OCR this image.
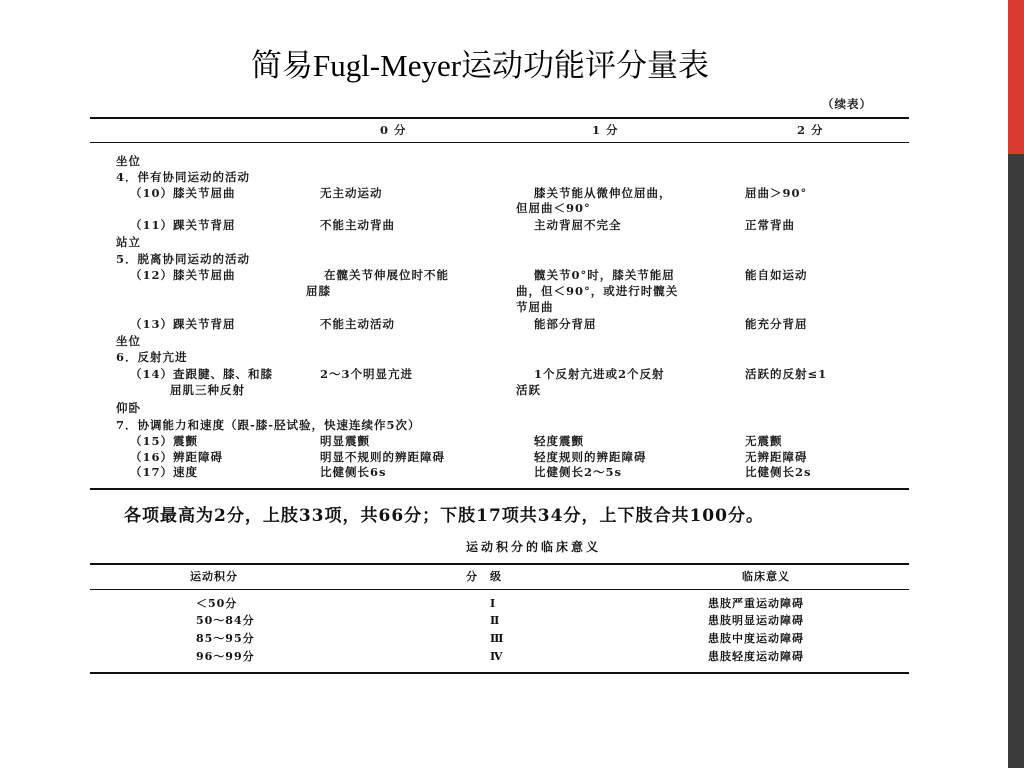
简易Fugl-Meyer运动功能评分量表
（续表）
0 分	1 分	2 分
坐位
4．伴有协同运动的活动
（10）膝关节屈曲	无主动运动	膝关节能从微伸位屈曲，	屈曲＞90°
但屈曲＜90°
（11）踝关节背屈	不能主动背曲	主动背屈不完全	正常背曲
站立
5．脱离协同运动的活动
（12）膝关节屈曲	在髋关节伸展位时不能	髋关节0°时，膝关节能屈	能自如运动
屈膝	曲，但＜90°，或进行时髋关
节屈曲
（13）踝关节背屈	不能主动活动	能部分背屈	能充分背屈
坐位
6．反射亢进
（14）查跟腱、膝、和膝	2～3个明显亢进	1个反射亢进或2个反射	活跃的反射≤1
屈肌三种反射	活跃
仰卧
7．协调能力和速度（跟-膝-胫试验，快速连续作5次）
（15）震颤	明显震颤	轻度震颤	无震颤
（16）辨距障碍	明显不规则的辨距障碍	轻度规则的辨距障碍	无辨距障碍
（17）速度	比健侧长6s	比健侧长2～5s	比健侧长2s
各项最高为2分，上肢33项，共66分；下肢17项共34分，上下肢合共100分。
运动积分的临床意义
运动积分	分　级	临床意义
＜50分	Ⅰ	患肢严重运动障碍
50～84分	Ⅱ	患肢明显运动障碍
85～95分	Ⅲ	患肢中度运动障碍
96～99分	Ⅳ	患肢轻度运动障碍
